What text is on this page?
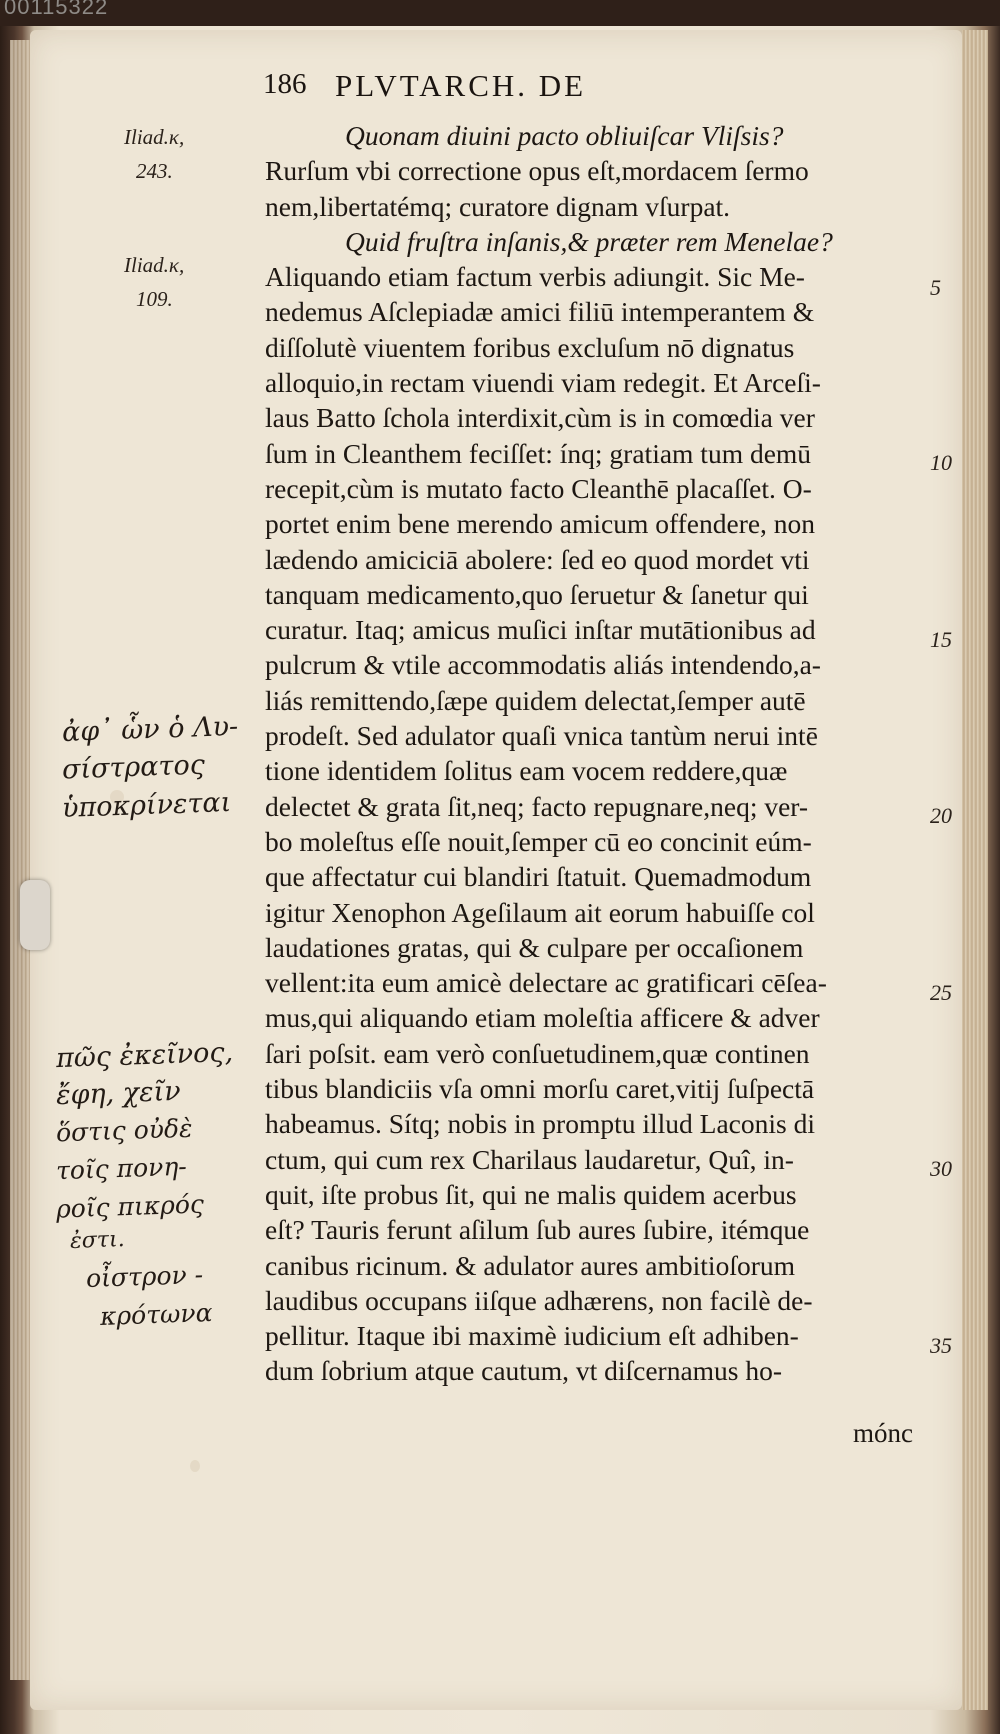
00115322
186 PLVTARCH. DE
Iliad.κ,
243.
Iliad.κ,
109.
Quonam diuini pacto obliuiſcar Vliſsis?
Rurſum vbi correctione opus eſt,mordacem ſermo
nem,libertatémq; curatore dignam vſurpat.
Quid fruſtra inſanis,& præter rem Menelae?
Aliquando etiam factum verbis adiungit. Sic Me-
nedemus Aſclepiadæ amici filiū intemperantem &
diſſolutè viuentem foribus excluſum nō dignatus
alloquio,in rectam viuendi viam redegit. Et Arceſi-
laus Batto ſchola interdixit,cùm is in comœdia ver
ſum in Cleanthem feciſſet: ínq; gratiam tum demū
recepit,cùm is mutato facto Cleanthē placaſſet. O-
portet enim bene merendo amicum offendere, non
lædendo amiciciā abolere: ſed eo quod mordet vti
tanquam medicamento,quo ſeruetur & ſanetur qui
curatur. Itaq; amicus muſici inſtar mutātionibus ad
pulcrum & vtile accommodatis aliás intendendo,a-
liás remittendo,ſæpe quidem delectat,ſemper autē
prodeſt. Sed adulator quaſi vnica tantùm nerui intē
tione identidem ſolitus eam vocem reddere,quæ
delectet & grata ſit,neq; facto repugnare,neq; ver-
bo moleſtus eſſe nouit,ſemper cū eo concinit eúm-
que affectatur cui blandiri ſtatuit. Quemadmodum
igitur Xenophon Ageſilaum ait eorum habuiſſe col
laudationes gratas, qui & culpare per occaſionem
vellent:ita eum amicè delectare ac gratificari cēſea-
mus,qui aliquando etiam moleſtia afficere & adver
ſari poſsit. eam verò conſuetudinem,quæ continen
tibus blandiciis vſa omni morſu caret,vitij ſuſpectā
habeamus. Sítq; nobis in promptu illud Laconis di
ctum, qui cum rex Charilaus laudaretur, Quî, in-
quit, iſte probus ſit, qui ne malis quidem acerbus
eſt? Tauris ferunt aſilum ſub aures ſubire, itémque
canibus ricinum. & adulator aures ambitioſorum
laudibus occupans iiſque adhærens, non facilè de-
pellitur. Itaque ibi maximè iudicium eſt adhiben-
dum ſobrium atque cautum, vt diſcernamus ho-
mónc
5
10
15
20
25
30
35
ἀφ᾽ ὧν ὁ Λυ-
σίστρατος
ὑποκρίνεται
πῶς ἐκεῖνος,
ἔφη, χεῖν
ὅστις οὐδὲ
τοῖς πονη-
ροῖς πικρός
ἐστι.
οἶστρον -
κρότωνα
